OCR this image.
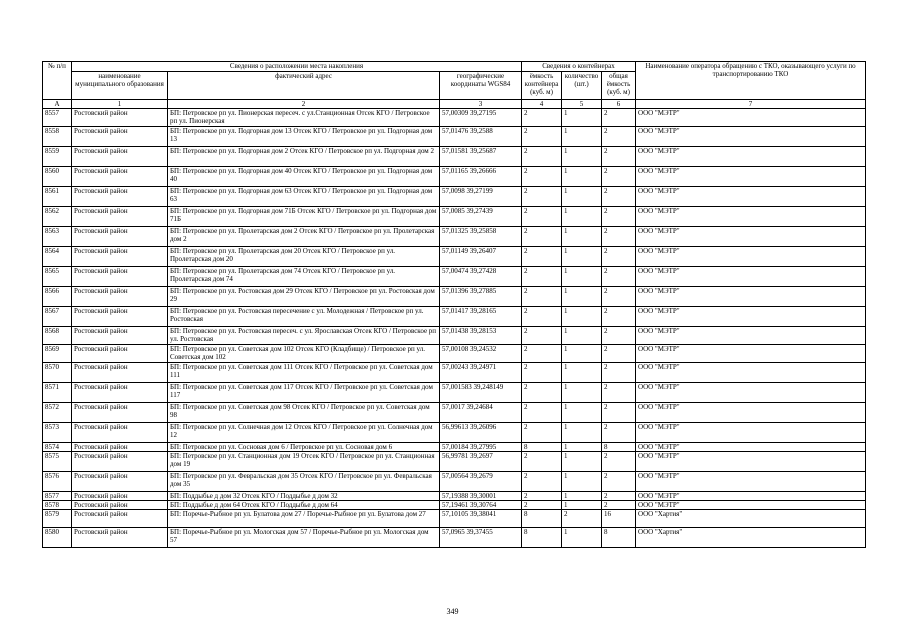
№ п/п	Сведения о расположении места накопления			Сведения о контейнерах			Наименование оператора обращению с ТКО, оказывающего услуги по транспортированию ТКО
	наименование муниципального образования	фактический адрес	географические координаты WGS84	ёмкость контейнера (куб. м)	количество (шт.)	общая ёмкость (куб. м)	
А	1	2	3	4	5	6	7
8557	Ростовский район	БП: Петровское рп ул. Пионерская пересеч. с ул.Станционная Отсек КГО / Петровское рп ул. Пионерская	57,00309 39,27195	2	1	2	ООО "МЭТР"
8558	Ростовский район	БП: Петровское рп ул. Подгорная дом 13 Отсек КГО / Петровское рп ул. Подгорная дом 13	57,01476 39,2588	2	1	2	ООО "МЭТР"
8559	Ростовский район	БП: Петровское рп ул. Подгорная дом 2 Отсек КГО / Петровское рп ул. Подгорная дом 2	57,01581 39,25687	2	1	2	ООО "МЭТР"
8560	Ростовский район	БП: Петровское рп ул. Подгорная дом 40 Отсек КГО / Петровское рп ул. Подгорная дом 40	57,01165 39,26666	2	1	2	ООО "МЭТР"
8561	Ростовский район	БП: Петровское рп ул. Подгорная дом 63 Отсек КГО / Петровское рп ул. Подгорная дом 63	57,0098 39,27199	2	1	2	ООО "МЭТР"
8562	Ростовский район	БП: Петровское рп ул. Подгорная дом 71Б Отсек КГО / Петровское рп ул. Подгорная дом 71Б	57,0085 39,27439	2	1	2	ООО "МЭТР"
8563	Ростовский район	БП: Петровское рп ул. Пролетарская дом 2 Отсек КГО / Петровское рп ул. Пролетарская дом 2	57,01325 39,25858	2	1	2	ООО "МЭТР"
8564	Ростовский район	БП: Петровское рп ул. Пролетарская дом 20 Отсек КГО / Петровское рп ул. Пролетарская дом 20	57,01149 39,26407	2	1	2	ООО "МЭТР"
8565	Ростовский район	БП: Петровское рп ул. Пролетарская дом 74 Отсек КГО / Петровское рп ул. Пролетарская дом 74	57,00474 39,27428	2	1	2	ООО "МЭТР"
8566	Ростовский район	БП: Петровское рп ул. Ростовская дом 29 Отсек КГО / Петровское рп ул. Ростовская дом 29	57,01396 39,27885	2	1	2	ООО "МЭТР"
8567	Ростовский район	БП: Петровское рп ул. Ростовская пересечение с ул. Молодежная / Петровское рп ул. Ростовская	57,01417 39,28165	2	1	2	ООО "МЭТР"
8568	Ростовский район	БП: Петровское рп ул. Ростовская пересеч. с ул. Ярославская Отсек КГО / Петровское рп ул. Ростовская	57,01438 39,28153	2	1	2	ООО "МЭТР"
8569	Ростовский район	БП: Петровское рп ул. Советская дом 102 Отсек КГО (Кладбище) / Петровское рп ул. Советская дом 102	57,00108 39,24532	2	1	2	ООО "МЭТР"
8570	Ростовский район	БП: Петровское рп ул. Советская дом 111 Отсек КГО / Петровское рп ул. Советская дом 111	57,00243 39,24971	2	1	2	ООО "МЭТР"
8571	Ростовский район	БП: Петровское рп ул. Советская дом 117 Отсек КГО / Петровское рп ул. Советская дом 117	57,001583 39,248149	2	1	2	ООО "МЭТР"
8572	Ростовский район	БП: Петровское рп ул. Советская дом 98 Отсек КГО / Петровское рп ул. Советская дом 98	57,0017 39,24684	2	1	2	ООО "МЭТР"
8573	Ростовский район	БП: Петровское рп ул. Солнечная дом 12 Отсек КГО / Петровское рп ул. Солнечная дом 12	56,99613 39,26096	2	1	2	ООО "МЭТР"
8574	Ростовский район	БП: Петровское рп ул. Сосновая дом 6 / Петровское рп ул. Сосновая дом 6	57,00184 39,27995	8	1	8	ООО "МЭТР"
8575	Ростовский район	БП: Петровское рп ул. Станционная дом 19 Отсек КГО / Петровское рп ул. Станционная дом 19	56,99781 39,2697	2	1	2	ООО "МЭТР"
8576	Ростовский район	БП: Петровское рп ул. Февральская дом 35 Отсек КГО / Петровское рп ул. Февральская дом 35	57,00564 39,2679	2	1	2	ООО "МЭТР"
8577	Ростовский район	БП: Поддыбье д дом 32 Отсек КГО / Поддыбье д дом 32	57,19388 39,30001	2	1	2	ООО "МЭТР"
8578	Ростовский район	БП: Поддыбье д дом 64 Отсек КГО / Поддыбье д дом 64	57,19461 39,30764	2	1	2	ООО "МЭТР"
8579	Ростовский район	БП: Поречье-Рыбное рп ул. Булатова дом 27 / Поречье-Рыбное рп ул. Булатова дом 27	57,10105 39,38041	8	2	16	ООО "Хартия"
8580	Ростовский район	БП: Поречье-Рыбное рп ул. Мологская дом 57 / Поречье-Рыбное рп ул. Мологская дом 57	57,0965 39,37455	8	1	8	ООО "Хартия"
349
